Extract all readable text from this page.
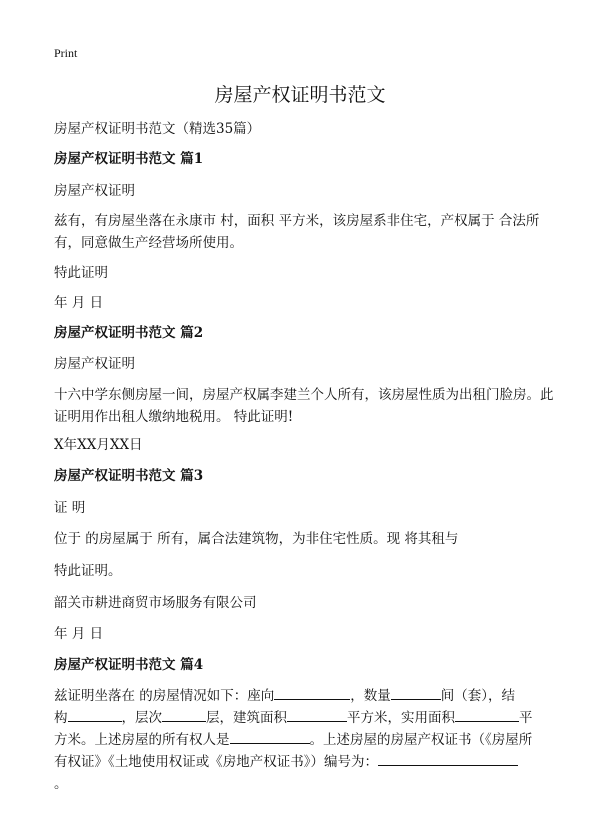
Print
房屋产权证明书范文
房屋产权证明书范文（精选35篇）
房屋产权证明书范文 篇1
房屋产权证明
兹有，有房屋坐落在永康市 村，面积 平方米，该房屋系非住宅，产权属于 合法所有，同意做生产经营场所使用。
特此证明
年 月 日
房屋产权证明书范文 篇2
房屋产权证明
十六中学东侧房屋一间，房屋产权属李建兰个人所有，该房屋性质为出租门脸房。此证明用作出租人缴纳地税用。 特此证明!
X年XX月XX日
房屋产权证明书范文 篇3
证 明
位于 的房屋属于 所有，属合法建筑物，为非住宅性质。现 将其租与
特此证明。
韶关市耕进商贸市场服务有限公司
年 月 日
房屋产权证明书范文 篇4
兹证明坐落在 的房屋情况如下：座向	，数量	间（套），结
构	，层次	层，建筑面积	平方米，实用面积	平
方米。上述房屋的所有权人是	。上述房屋的房屋产权证书（《房屋所
有权证》《土地使用权证或《房地产权证书》）编号为：
。
